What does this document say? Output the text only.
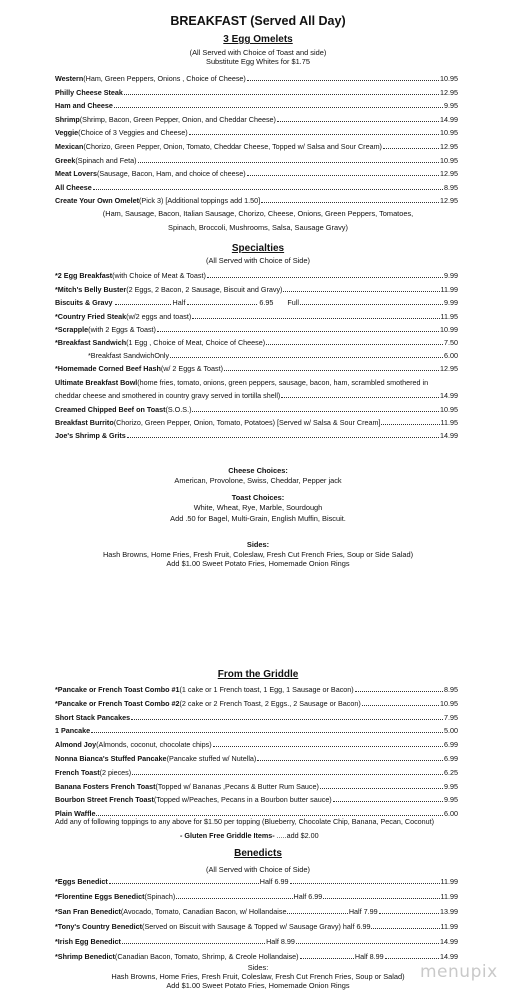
BREAKFAST (Served All Day)
3 Egg Omelets
(All Served with Choice of Toast and side)
Substitute Egg Whites for $1.75
Western (Ham, Green Peppers, Onions , Choice of Cheese)	10.95
Philly Cheese Steak	12.95
Ham and Cheese	9.95
Shrimp (Shrimp, Bacon, Green Pepper, Onion, and Cheddar Cheese)	14.99
Veggie (Choice of 3 Veggies and Cheese)	10.95
Mexican (Chorizo, Green Pepper, Onion, Tomato, Cheddar Cheese, Topped w/ Salsa and Sour Cream)	12.95
Greek (Spinach and Feta)	10.95
Meat Lovers (Sausage, Bacon, Ham, and choice of cheese)	12.95
All Cheese	8.95
Create Your Own Omelet (Pick 3) [Additional toppings add 1.50]	12.95
(Ham, Sausage, Bacon, Italian Sausage, Chorizo, Cheese, Onions, Green Peppers, Tomatoes,
Spinach, Broccoli, Mushrooms, Salsa, Sausage Gravy)
Specialties
(All Served with Choice of Side)
*2 Egg Breakfast (with Choice of Meat & Toast)	9.99
*Mitch's Belly Buster (2 Eggs, 2 Bacon, 2 Sausage, Biscuit and Gravy)	11.99
*Country Fried Steak (w/2 eggs and toast)	11.95
*Scrapple (with 2 Eggs & Toast)	10.99
*Breakfast Sandwich (1 Egg , Choice of Meat, Choice of Cheese)	7.50
*Breakfast SandwichOnly	6.00
*Homemade Corned Beef Hash (w/ 2 Eggs & Toast)	12.95
Biscuits & Gravy	Half	6.95 Full	9.99
Ultimate Breakfast Bowl (home fries, tomato, onions, green peppers, sausage, bacon, ham, scrambled smothered in
cheddar cheese and smothered in country gravy served in tortilla shell)	14.99
Creamed Chipped Beef on Toast (S.O.S.)	10.95
Breakfast Burrito (Chorizo, Green Pepper, Onion, Tomato, Potatoes) [Served w/ Salsa & Sour Cream]	11.95
Joe's Shrimp & Grits	14.99
Cheese Choices:
American, Provolone, Swiss, Cheddar, Pepper jack
Toast Choices:
White, Wheat, Rye, Marble, Sourdough
Add .50 for Bagel, Multi-Grain, English Muffin, Biscuit.
Sides:
Hash Browns, Home Fries, Fresh Fruit, Coleslaw, Fresh Cut French Fries, Soup or Side Salad)
Add $1.00 Sweet Potato Fries, Homemade Onion Rings
From the Griddle
*Pancake or French Toast Combo #1 (1 cake or 1 French toast, 1 Egg, 1 Sausage or Bacon)	8.95
*Pancake or French Toast Combo #2 (2 cake or 2 French Toast, 2 Eggs., 2 Sausage or Bacon)	10.95
Short Stack Pancakes	7.95
1 Pancake	5.00
Almond Joy (Almonds, coconut, chocolate chips)	6.99
Nonna Bianca's Stuffed Pancake (Pancake stuffed w/ Nutella)	6.99
French Toast (2 pieces)	6.25
Banana Fosters French Toast (Topped w/ Bananas ,Pecans & Butter Rum Sauce)	9.95
Bourbon Street French Toast (Topped w/Peaches, Pecans in a Bourbon butter sauce)	9.95
Plain Waffle	6.00
Add any of following toppings to any above for $1.50 per topping (Blueberry, Chocolate Chip, Banana, Pecan, Coconut)
- Gluten Free Griddle Items- .....add $2.00
Benedicts
(All Served with Choice of Side)
*Eggs Benedict	Half 6.99	11.99
*Florentine Eggs Benedict (Spinach)	Half 6.99	11.99
*San Fran Benedict (Avocado, Tomato, Canadian Bacon, w/ Hollandaise	Half 7.99	13.99
*Tony's Country Benedict (Served on Biscuit with Sausage & Topped w/ Sausage Gravy) half 6.99	11.99
*Irish Egg Benedict	Half 8.99	14.99
*Shrimp Benedict (Canadian Bacon, Tomato, Shrimp, & Creole Hollandaise)	Half 8.99	14.99
Sides:
Hash Browns, Home Fries, Fresh Fruit, Coleslaw, Fresh Cut French Fries, Soup or Salad)
Add $1.00 Sweet Potato Fries, Homemade Onion Rings
menupix
